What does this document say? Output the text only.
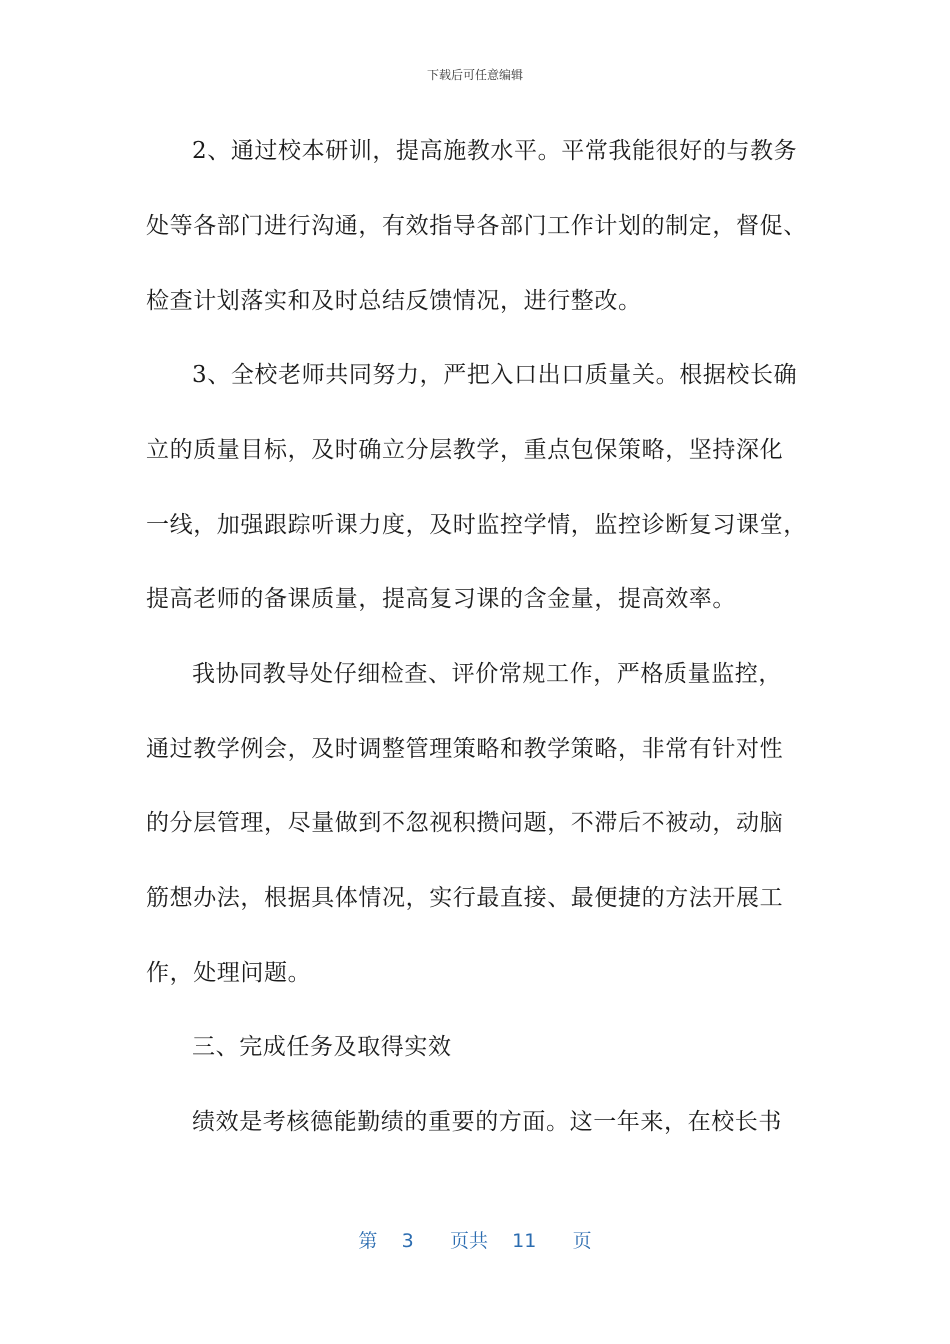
下载后可任意编辑
2、通过校本研训，提高施教水平。平常我能很好的与教务
处等各部门进行沟通，有效指导各部门工作计划的制定，督促、
检查计划落实和及时总结反馈情况，进行整改。
3、全校老师共同努力，严把入口出口质量关。根据校长确
立的质量目标，及时确立分层教学，重点包保策略，坚持深化
一线，加强跟踪听课力度，及时监控学情，监控诊断复习课堂，
提高老师的备课质量，提高复习课的含金量，提高效率。
我协同教导处仔细检查、评价常规工作，严格质量监控，
通过教学例会，及时调整管理策略和教学策略，非常有针对性
的分层管理，尽量做到不忽视积攒问题，不滞后不被动，动脑
筋想办法，根据具体情况，实行最直接、最便捷的方法开展工
作，处理问题。
三、完成任务及取得实效
绩效是考核德能勤绩的重要的方面。这一年来，在校长书
第 3 页共 11 页
